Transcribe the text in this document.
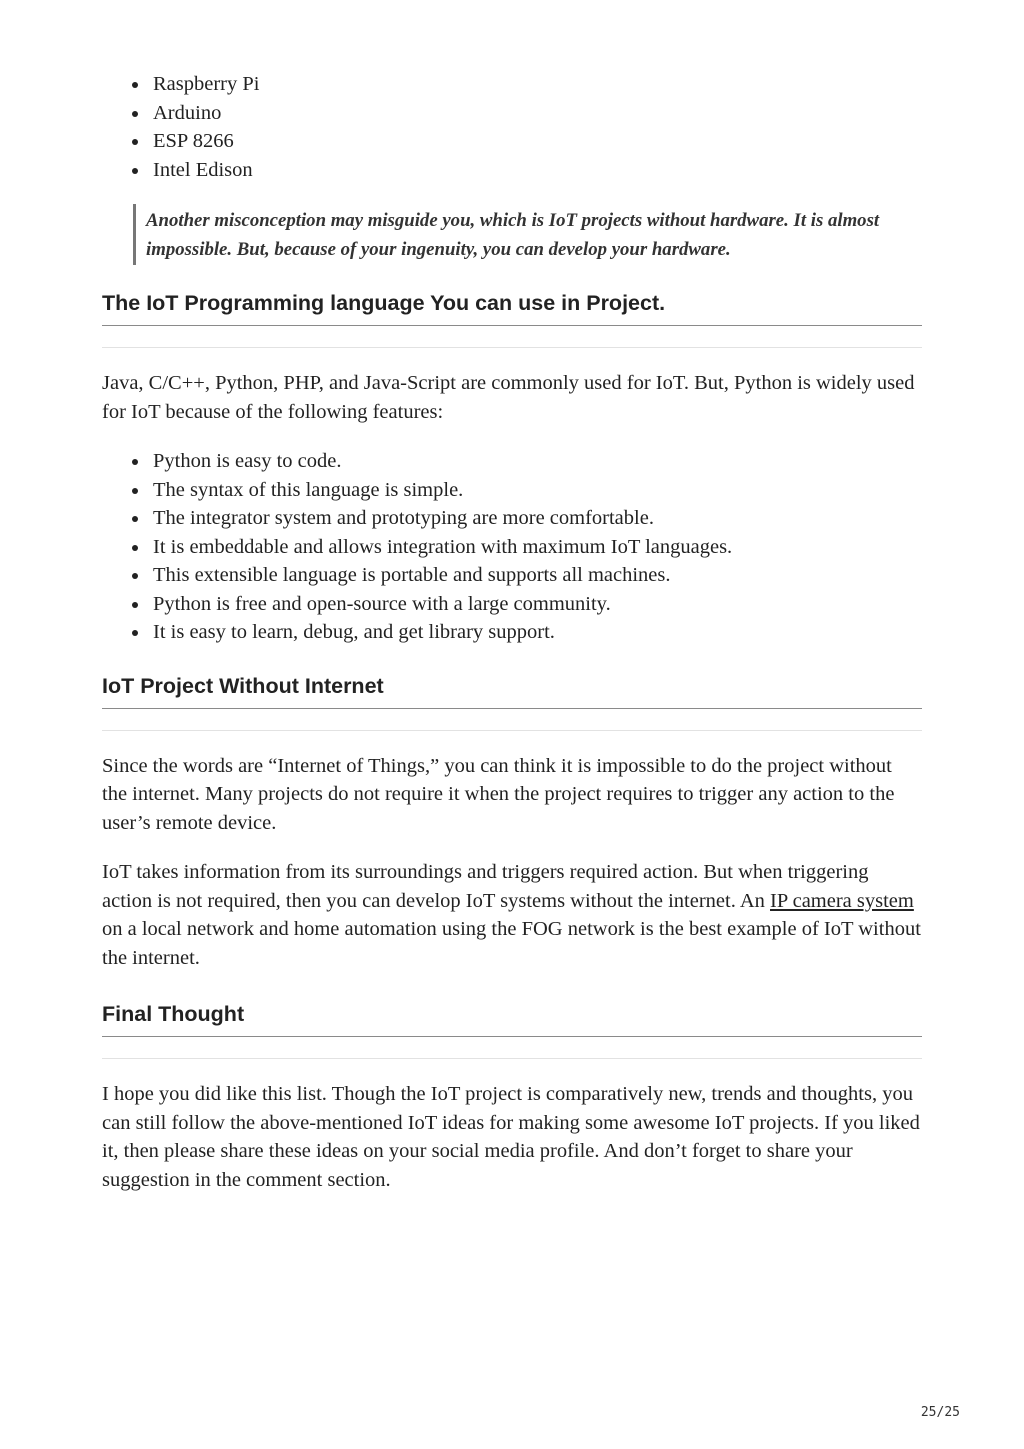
Raspberry Pi
Arduino
ESP 8266
Intel Edison

Another misconception may misguide you, which is IoT projects without hardware. It is almost impossible. But, because of your ingenuity, you can develop your hardware.

The IoT Programming language You can use in Project.

Java, C/C++, Python, PHP, and Java-Script are commonly used for IoT. But, Python is widely used for IoT because of the following features:

Python is easy to code.
The syntax of this language is simple.
The integrator system and prototyping are more comfortable.
It is embeddable and allows integration with maximum IoT languages.
This extensible language is portable and supports all machines.
Python is free and open-source with a large community.
It is easy to learn, debug, and get library support.
IoT Project Without Internet

Since the words are “Internet of Things,” you can think it is impossible to do the project without the internet. Many projects do not require it when the project requires to trigger any action to the user’s remote device.

IoT takes information from its surroundings and triggers required action. But when triggering action is not required, then you can develop IoT systems without the internet. An IP camera system on a local network and home automation using the FOG network is the best example of IoT without the internet.

Final Thought

I hope you did like this list. Though the IoT project is comparatively new, trends and thoughts, you can still follow the above-mentioned IoT ideas for making some awesome IoT projects. If you liked it, then please share these ideas on your social media profile. And don’t forget to share your suggestion in the comment section.

25/25
